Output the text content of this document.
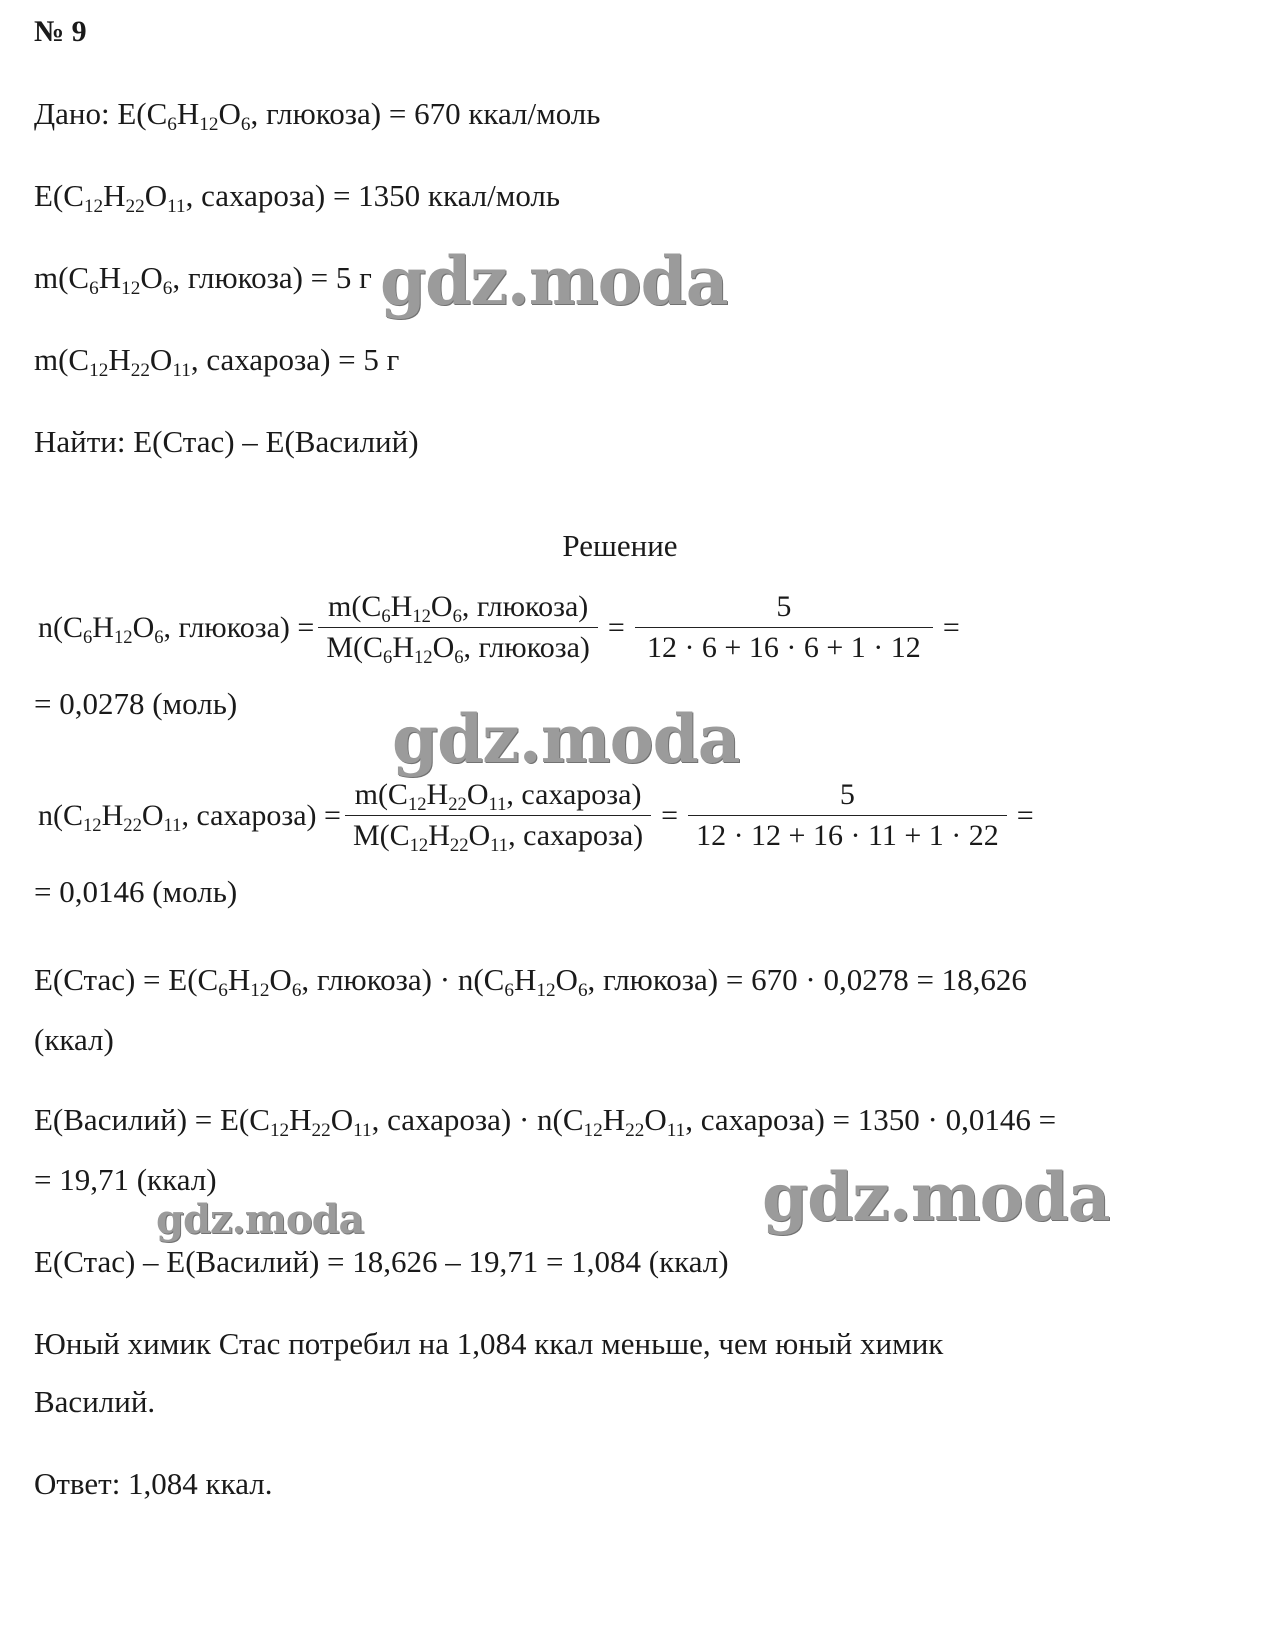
№ 9
Дано: $E(C_6H_{12}O_6$, глюкоза) = 670 ккал/моль
$E(C_{12}H_{22}O_{11}$, сахароза) = 1350 ккал/моль
$m(C_6H_{12}O_6$, глюкоза) = 5 г
$m(C_{12}H_{22}O_{11}$, сахароза) = 5 г
Найти: E(Стас) – E(Василий)
Решение
$n(C_6H_{12}O_6$, глюкоза) = $\frac{m(C_6H_{12}O_6, глюкоза)}{M(C_6H_{12}O_6, глюкоза)} = \frac{5}{12 \cdot 6 + 16 \cdot 6 + 1 \cdot 12}$ =
= 0,0278 (моль)
$n(C_{12}H_{22}O_{11}$, сахароза) = $\frac{m(C_{12}H_{22}O_{11}, сахароза)}{M(C_{12}H_{22}O_{11}, сахароза)} = \frac{5}{12 \cdot 12 + 16 \cdot 11 + 1 \cdot 22}$ =
= 0,0146 (моль)
E(Стас) = $E(C_6H_{12}O_6$, глюкоза) · $n(C_6H_{12}O_6$, глюкоза) = 670 · 0,0278 = 18,626
(ккал)
E(Василий) = $E(C_{12}H_{22}O_{11}$, сахароза) · $n(C_{12}H_{22}O_{11}$, сахароза) = 1350 · 0,0146 =
= 19,71 (ккал)
E(Стас) – E(Василий) = 18,626 – 19,71 = 1,084 (ккал)
Юный химик Стас потребил на 1,084 ккал меньше, чем юный химик
Василий.
Ответ: 1,084 ккал.
gdz.moda
gdz.moda
gdz.moda
gdz.moda
